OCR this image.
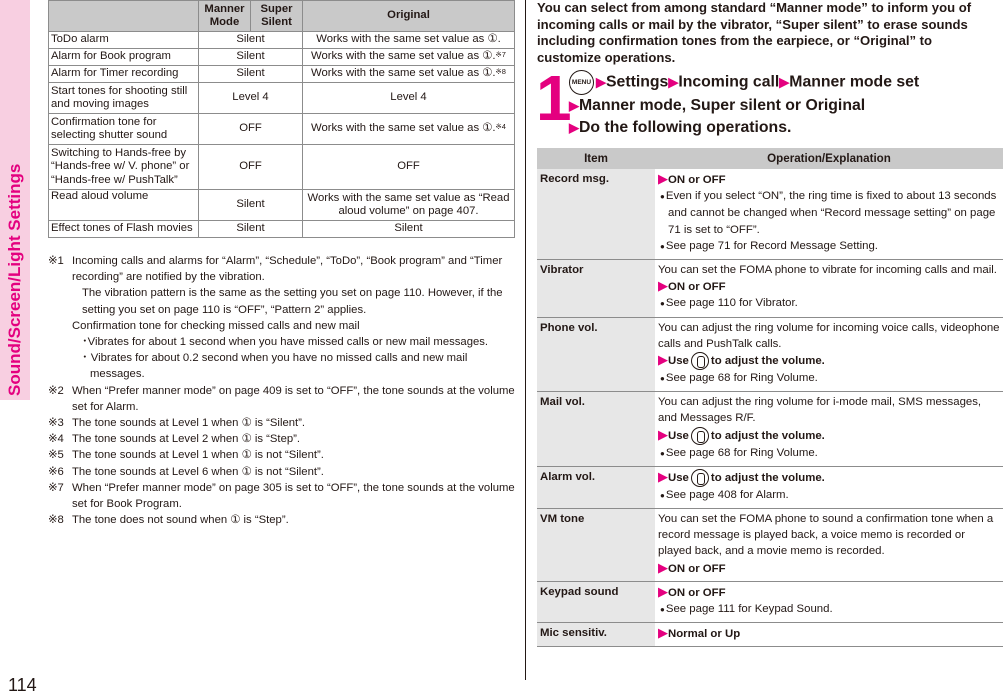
Sound/Screen/Light Settings
114
	Manner Mode	Super Silent	Original
ToDo alarm	Silent		Works with the same set value as ①.
Alarm for Book program	Silent		Works with the same set value as ①.$^{※7}$
Alarm for Timer recording	Silent		Works with the same set value as ①.$^{※8}$
Start tones for shooting still and moving images	Level 4		Level 4
Confirmation tone for selecting shutter sound	OFF		Works with the same set value as ①.$^{※4}$
Switching to Hands-free by “Hands-free w/ V. phone” or “Hands-free w/ PushTalk”	OFF		OFF
Read aloud volume	Silent		Works with the same set value as “Read aloud volume” on page 407.
Effect tones of Flash movies	Silent		Silent
※1 Incoming calls and alarms for “Alarm”, “Schedule”, “ToDo”, “Book program” and “Timer recording” are notified by the vibration.
The vibration pattern is the same as the setting you set on page 110. However, if the setting you set on page 110 is “OFF”, “Pattern 2” applies.
Confirmation tone for checking missed calls and new mail
･Vibrates for about 1 second when you have missed calls or new mail messages.
･ Vibrates for about 0.2 second when you have no missed calls and new mail messages.
※2 When “Prefer manner mode” on page 409 is set to “OFF”, the tone sounds at the volume set for Alarm.
※3 The tone sounds at Level 1 when ① is “Silent”.
※4 The tone sounds at Level 2 when ① is “Step”.
※5 The tone sounds at Level 1 when ① is not “Silent”.
※6 The tone sounds at Level 6 when ① is not “Silent”.
※7 When “Prefer manner mode” on page 305 is set to “OFF”, the tone sounds at the volume set for Book Program.
※8 The tone does not sound when ① is “Step”.
You can select from among standard “Manner mode” to inform you of incoming calls or mail by the vibrator, “Super silent” to erase sounds including confirmation tones from the earpiece, or “Original” to customize operations.
1 MENU ▶Settings▶Incoming call▶Manner mode set
▶Manner mode, Super silent or Original
▶Do the following operations.
Item	Operation/Explanation
Record msg.	▶ON or OFF
●Even if you select “ON”, the ring time is fixed to about 13 seconds and cannot be changed when “Record message setting” on page 71 is set to “OFF”.
●See page 71 for Record Message Setting.

Vibrator	You can set the FOMA phone to vibrate for incoming calls and mail.
▶ON or OFF
●See page 110 for Vibrator.

Phone vol.	You can adjust the ring volume for incoming voice calls, videophone calls and PushTalk calls.
▶Use to adjust the volume.
●See page 68 for Ring Volume.

Mail vol.	You can adjust the ring volume for i-mode mail, SMS messages, and Messages R/F.
▶Use to adjust the volume.
●See page 68 for Ring Volume.

Alarm vol.	▶Use to adjust the volume.
●See page 408 for Alarm.

VM tone	You can set the FOMA phone to sound a confirmation tone when a record message is played back, a voice memo is recorded or played back, and a movie memo is recorded.
▶ON or OFF

Keypad sound	▶ON or OFF
●See page 111 for Keypad Sound.

Mic sensitiv.	▶Normal or Up
